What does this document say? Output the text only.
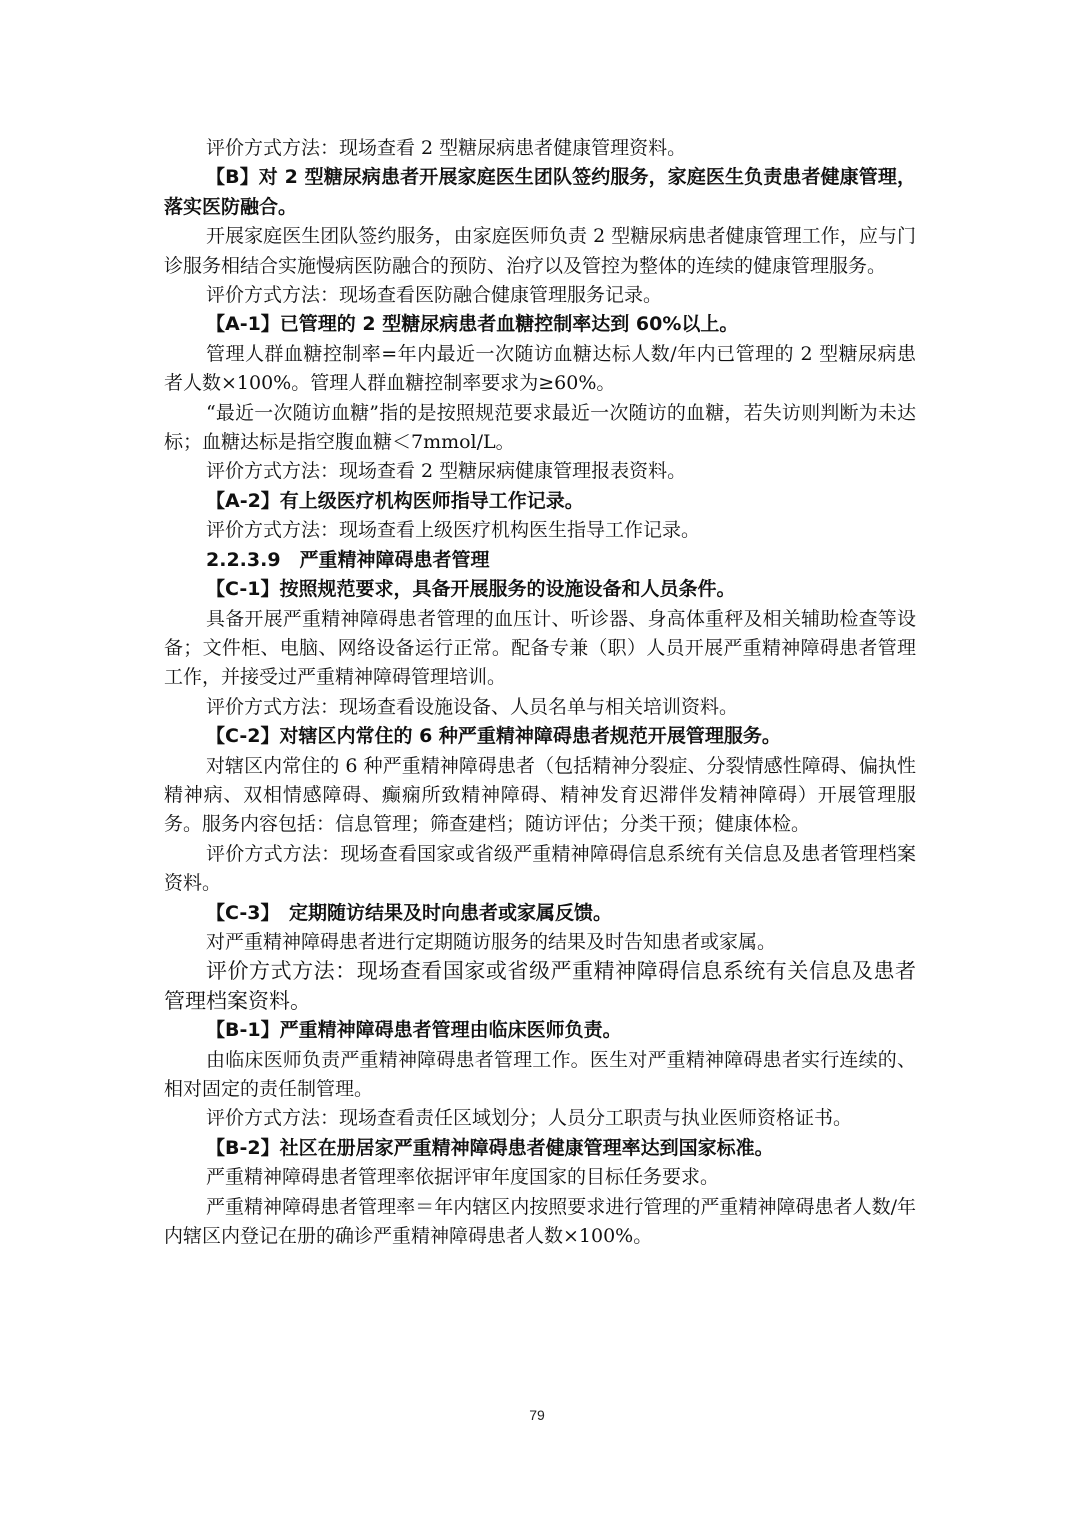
评价方式方法：现场查看 2 型糖尿病患者健康管理资料。

【B】对 2 型糖尿病患者开展家庭医生团队签约服务，家庭医生负责患者健康管理，落实医防融合。

开展家庭医生团队签约服务，由家庭医师负责 2 型糖尿病患者健康管理工作，应与门诊服务相结合实施慢病医防融合的预防、治疗以及管控为整体的连续的健康管理服务。

评价方式方法：现场查看医防融合健康管理服务记录。

【A-1】已管理的 2 型糖尿病患者血糖控制率达到 60%以上。

管理人群血糖控制率=年内最近一次随访血糖达标人数/年内已管理的 2 型糖尿病患者人数×100%。管理人群血糖控制率要求为≥60%。

“最近一次随访血糖”指的是按照规范要求最近一次随访的血糖，若失访则判断为未达标；血糖达标是指空腹血糖＜7mmol/L。

评价方式方法：现场查看 2 型糖尿病健康管理报表资料。

【A-2】有上级医疗机构医师指导工作记录。

评价方式方法：现场查看上级医疗机构医生指导工作记录。

2.2.3.9　严重精神障碍患者管理

【C-1】按照规范要求，具备开展服务的设施设备和人员条件。

具备开展严重精神障碍患者管理的血压计、听诊器、身高体重秤及相关辅助检查等设备；文件柜、电脑、网络设备运行正常。配备专兼（职）人员开展严重精神障碍患者管理工作，并接受过严重精神障碍管理培训。

评价方式方法：现场查看设施设备、人员名单与相关培训资料。

【C-2】对辖区内常住的 6 种严重精神障碍患者规范开展管理服务。

对辖区内常住的 6 种严重精神障碍患者（包括精神分裂症、分裂情感性障碍、偏执性精神病、双相情感障碍、癫痫所致精神障碍、精神发育迟滞伴发精神障碍）开展管理服务。服务内容包括：信息管理；筛查建档；随访评估；分类干预；健康体检。

评价方式方法：现场查看国家或省级严重精神障碍信息系统有关信息及患者管理档案资料。

【C-3】　定期随访结果及时向患者或家属反馈。

对严重精神障碍患者进行定期随访服务的结果及时告知患者或家属。

评价方式方法：现场查看国家或省级严重精神障碍信息系统有关信息及患者管理档案资料。

【B-1】严重精神障碍患者管理由临床医师负责。

由临床医师负责严重精神障碍患者管理工作。医生对严重精神障碍患者实行连续的、相对固定的责任制管理。

评价方式方法：现场查看责任区域划分；人员分工职责与执业医师资格证书。

【B-2】社区在册居家严重精神障碍患者健康管理率达到国家标准。

严重精神障碍患者管理率依据评审年度国家的目标任务要求。

严重精神障碍患者管理率＝年内辖区内按照要求进行管理的严重精神障碍患者人数/年内辖区内登记在册的确诊严重精神障碍患者人数×100%。

79
